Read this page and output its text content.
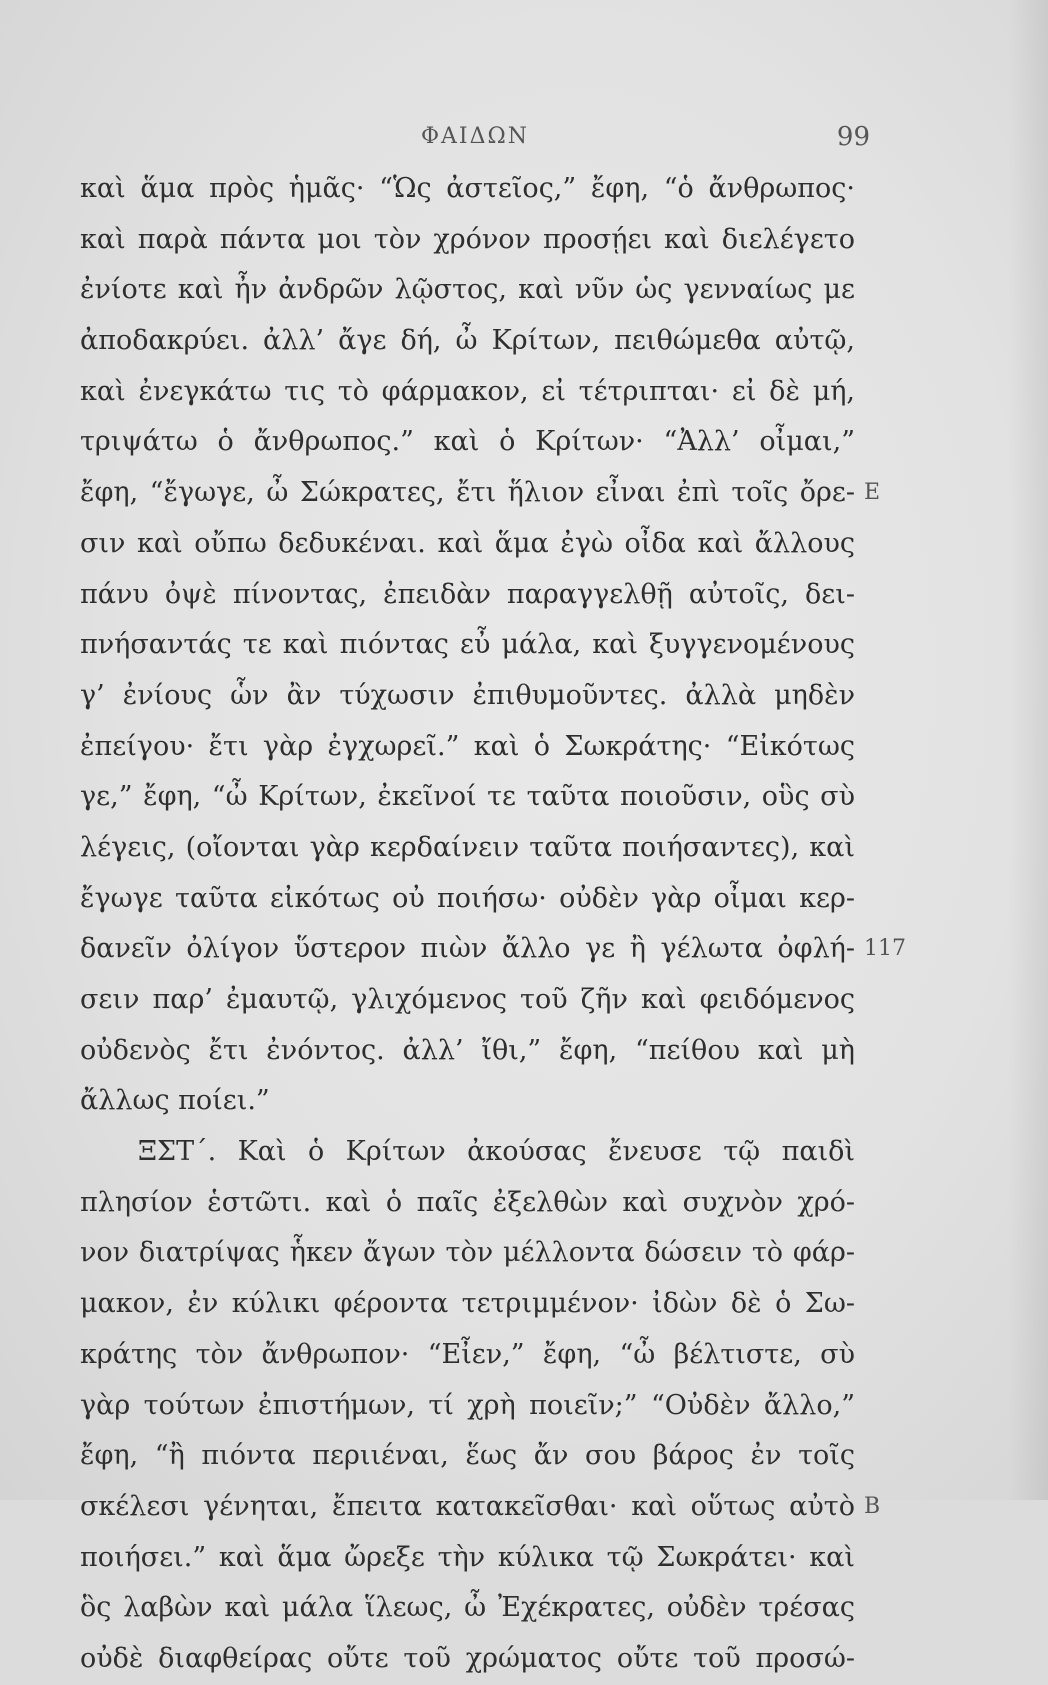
ΦΑΙΔΩΝ	99
καὶ ἅμα πρὸς ἡμᾶς· “Ὡς ἀστεῖος,” ἔφη, “ὁ ἄνθρωπος·
καὶ παρὰ πάντα μοι τὸν χρόνον προσῄει καὶ διελέγετο
ἐνίοτε καὶ ἦν ἀνδρῶν λῷστος, καὶ νῦν ὡς γενναίως με
ἀποδακρύει. ἀλλ’ ἄγε δή, ὦ Κρίτων, πειθώμεθα αὐτῷ,
καὶ ἐνεγκάτω τις τὸ φάρμακον, εἰ τέτριπται· εἰ δὲ μή,
τριψάτω ὁ ἄνθρωπος.” καὶ ὁ Κρίτων· “Ἀλλ’ οἶμαι,”
ἔφη, “ἔγωγε, ὦ Σώκρατες, ἔτι ἥλιον εἶναι ἐπὶ τοῖς ὄρε-
σιν καὶ οὔπω δεδυκέναι. καὶ ἅμα ἐγὼ οἶδα καὶ ἄλλους
πάνυ ὀψὲ πίνοντας, ἐπειδὰν παραγγελθῇ αὐτοῖς, δει-
πνήσαντάς τε καὶ πιόντας εὖ μάλα, καὶ ξυγγενομένους
γ’ ἐνίους ὧν ἂν τύχωσιν ἐπιθυμοῦντες. ἀλλὰ μηδὲν
ἐπείγου· ἔτι γὰρ ἐγχωρεῖ.” καὶ ὁ Σωκράτης· “Εἰκότως
γε,” ἔφη, “ὦ Κρίτων, ἐκεῖνοί τε ταῦτα ποιοῦσιν, οὓς σὺ
λέγεις, (οἴονται γὰρ κερδαίνειν ταῦτα ποιήσαντες), καὶ
ἔγωγε ταῦτα εἰκότως οὐ ποιήσω· οὐδὲν γὰρ οἶμαι κερ-
δανεῖν ὀλίγον ὕστερον πιὼν ἄλλο γε ἢ γέλωτα ὀφλή-
σειν παρ’ ἐμαυτῷ, γλιχόμενος τοῦ ζῆν καὶ φειδόμενος
οὐδενὸς ἔτι ἐνόντος. ἀλλ’ ἴθι,” ἔφη, “πείθου καὶ μὴ
ἄλλως ποίει.”
ΞΣΤ΄. Καὶ ὁ Κρίτων ἀκούσας ἔνευσε τῷ παιδὶ
πλησίον ἑστῶτι. καὶ ὁ παῖς ἐξελθὼν καὶ συχνὸν χρό-
νον διατρίψας ἧκεν ἄγων τὸν μέλλοντα δώσειν τὸ φάρ-
μακον, ἐν κύλικι φέροντα τετριμμένον· ἰδὼν δὲ ὁ Σω-
κράτης τὸν ἄνθρωπον· “Εἶεν,” ἔφη, “ὦ βέλτιστε, σὺ
γὰρ τούτων ἐπιστήμων, τί χρὴ ποιεῖν;” “Οὐδὲν ἄλλο,”
ἔφη, “ἢ πιόντα περιιέναι, ἕως ἄν σου βάρος ἐν τοῖς
σκέλεσι γένηται, ἔπειτα κατακεῖσθαι· καὶ οὕτως αὐτὸ
ποιήσει.” καὶ ἅμα ὤρεξε τὴν κύλικα τῷ Σωκράτει· καὶ
ὃς λαβὼν καὶ μάλα ἵλεως, ὦ Ἐχέκρατες, οὐδὲν τρέσας
οὐδὲ διαφθείρας οὔτε τοῦ χρώματος οὔτε τοῦ προσώ-
E
117
B
